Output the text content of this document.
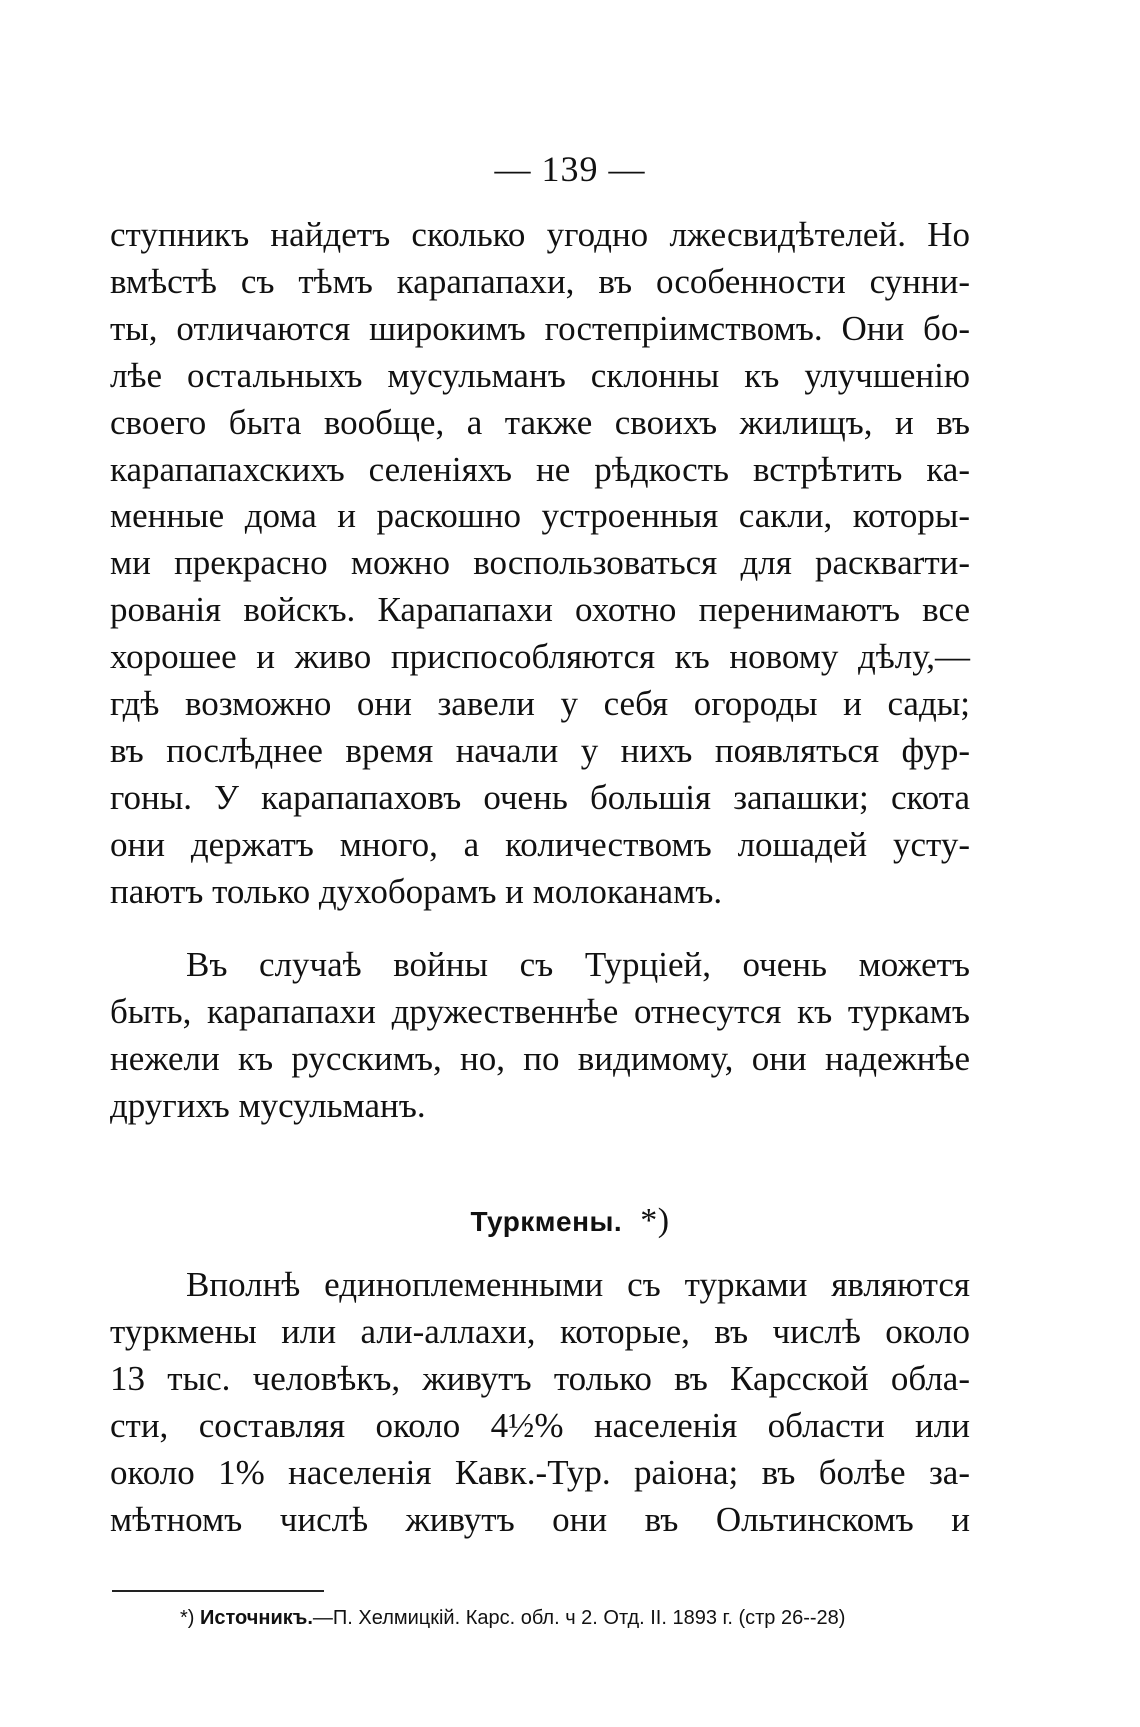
— 139 —
ступникъ найдетъ сколько угодно лжесвидѣтелей. Но
вмѣстѣ съ тѣмъ карапапахи, въ особенности сунни-
ты, отличаются широкимъ гостепріимствомъ. Они бо-
лѣе остальныхъ мусульманъ склонны къ улучшенію
своего быта вообще, а также своихъ жилищъ, и въ
карапапахскихъ селеніяхъ не рѣдкость встрѣтить ка-
менные дома и раскошно устроенныя сакли, которы-
ми прекрасно можно воспользоваться для расквarти-
рованія войскъ. Карапапахи охотно перенимаютъ все
хорошее и живо приспособляются къ новому дѣлу,—
гдѣ возможно они завели у себя огороды и сады;
въ послѣднее время начали у нихъ появляться фур-
гоны. У карапапаховъ очень большія запашки; скота
они держатъ много, а количествомъ лошадей усту-
паютъ только духоборамъ и молоканамъ.
Въ случаѣ войны съ Турціей, очень можетъ
быть, карапапахи дружественнѣе отнесутся къ туркамъ
нежели къ русскимъ, но, по видимому, они надежнѣе
другихъ мусульманъ.
Туркмены. *)
Вполнѣ единоплеменными съ турками являются
туркмены или али-аллахи, которые, въ числѣ около
13 тыс. человѣкъ, живутъ только въ Карсской обла-
сти, составляя около 4½% населенія области или
около 1% населенія Кавк.-Тур. раіона; въ болѣе за-
мѣтномъ числѣ живутъ они въ Ольтинскомъ и
*) Источникъ.—П. Хелмицкій. Карс. обл. ч 2. Отд. II. 1893 г. (стр 26--28)
